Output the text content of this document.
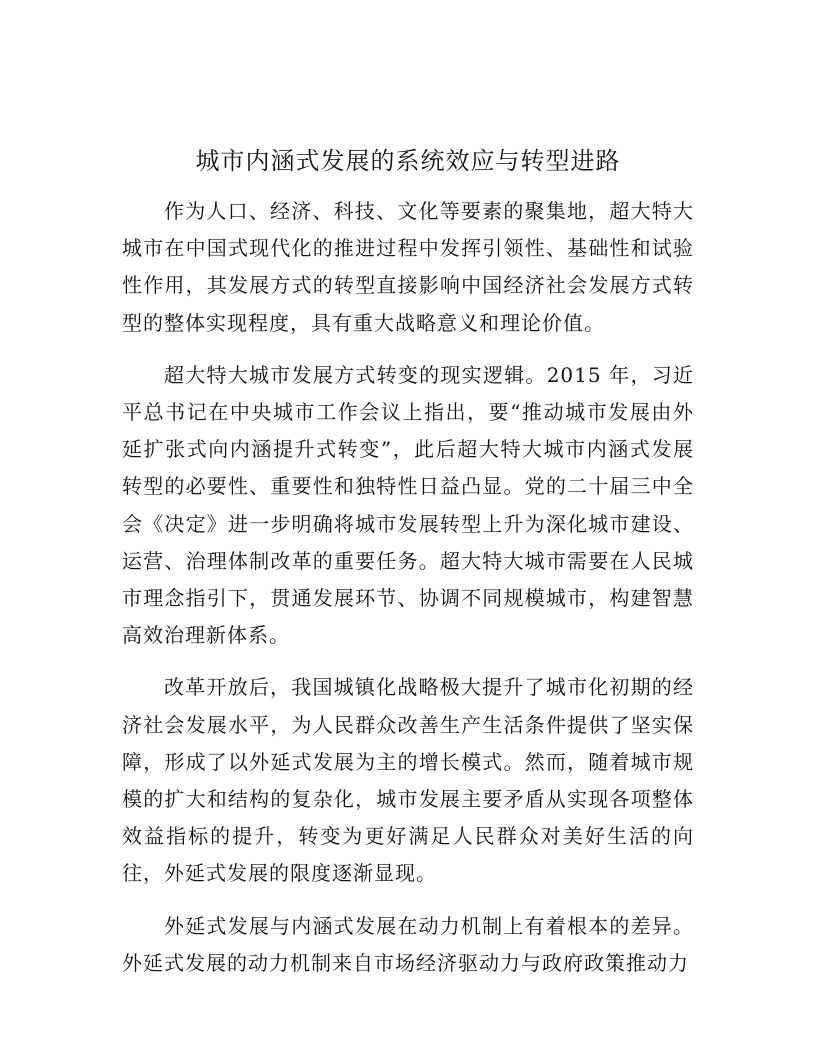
城市内涵式发展的系统效应与转型进路

作为人口、经济、科技、文化等要素的聚集地，超大特大城市在中国式现代化的推进过程中发挥引领性、基础性和试验性作用，其发展方式的转型直接影响中国经济社会发展方式转型的整体实现程度，具有重大战略意义和理论价值。

超大特大城市发展方式转变的现实逻辑。2015 年，习近平总书记在中央城市工作会议上指出，要“推动城市发展由外延扩张式向内涵提升式转变”，此后超大特大城市内涵式发展转型的必要性、重要性和独特性日益凸显。党的二十届三中全会《决定》进一步明确将城市发展转型上升为深化城市建设、运营、治理体制改革的重要任务。超大特大城市需要在人民城市理念指引下，贯通发展环节、协调不同规模城市，构建智慧高效治理新体系。

改革开放后，我国城镇化战略极大提升了城市化初期的经济社会发展水平，为人民群众改善生产生活条件提供了坚实保障，形成了以外延式发展为主的增长模式。然而，随着城市规模的扩大和结构的复杂化，城市发展主要矛盾从实现各项整体效益指标的提升，转变为更好满足人民群众对美好生活的向往，外延式发展的限度逐渐显现。

外延式发展与内涵式发展在动力机制上有着根本的差异。外延式发展的动力机制来自市场经济驱动力与政府政策推动力
